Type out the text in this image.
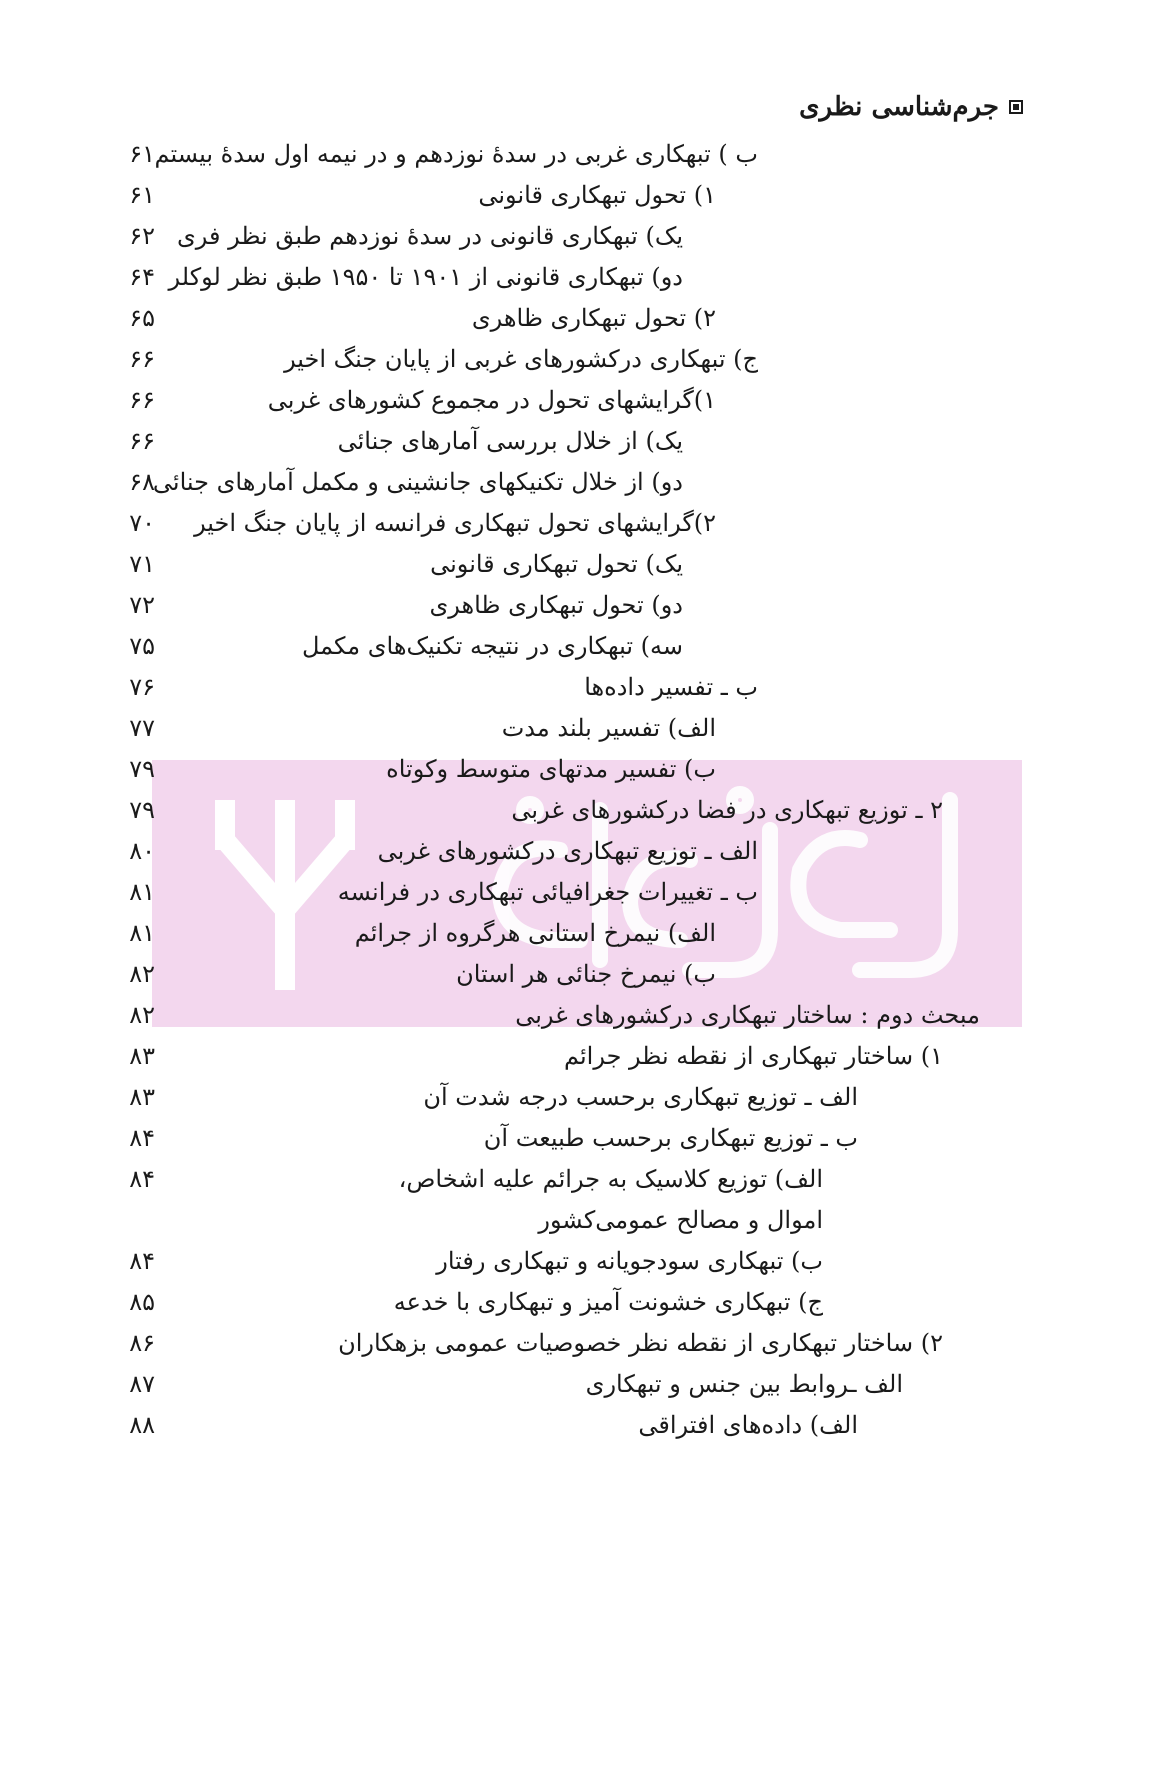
جرم‌شناسی نظری
ب ) تبهکاری غربی در سدهٔ نوزدهم و در نیمه اول سدهٔ بیستم
۶۱
۱) تحول تبهکاری قانونی
۶۱
یک) تبهکاری قانونی در سدهٔ نوزدهم طبق نظر فری
۶۲
دو) تبهکاری قانونی از ۱۹۰۱ تا ۱۹۵۰ طبق نظر لوکلر
۶۴
۲) تحول تبهکاری ظاهری
۶۵
ج) تبهکاری درکشورهای غربی از پایان جنگ اخیر
۶۶
۱)گرایشهای تحول در مجموع کشورهای غربی
۶۶
یک) از خلال بررسی آمارهای جنائی
۶۶
دو) از خلال تکنیکهای جانشینی و مکمل آمارهای جنائی
۶۸
۲)گرایشهای تحول تبهکاری فرانسه از پایان جنگ اخیر
۷۰
یک) تحول تبهکاری قانونی
۷۱
دو) تحول تبهکاری ظاهری
۷۲
سه) تبهکاری در نتیجه تکنیک‌های مکمل
۷۵
ب ـ تفسیر داده‌ها
۷۶
الف) تفسیر بلند مدت
۷۷
ب) تفسیر مدتهای متوسط وکوتاه
۷۹
۲ ـ توزیع تبهکاری در فضا درکشورهای غربی
۷۹
الف ـ توزیع تبهکاری درکشورهای غربی
۸۰
ب ـ تغییرات جغرافیائی تبهکاری در فرانسه
۸۱
الف) نیمرخ استانی هرگروه از جرائم
۸۱
ب) نیمرخ جنائی هر استان
۸۲
مبحث دوم : ساختار تبهکاری درکشورهای غربی
۸۲
۱) ساختار تبهکاری از نقطه نظر جرائم
۸۳
الف ـ توزیع تبهکاری برحسب درجه شدت آن
۸۳
ب ـ توزیع تبهکاری برحسب طبیعت آن
۸۴
الف) توزیع کلاسیک به جرائم علیه اشخاص،
۸۴
اموال و مصالح عمومی‌کشور
ب) تبهکاری سودجویانه و تبهکاری رفتار
۸۴
ج) تبهکاری خشونت آمیز و تبهکاری با خدعه
۸۵
۲) ساختار تبهکاری از نقطه نظر خصوصیات عمومی بزهکاران
۸۶
الف ـروابط بین جنس و تبهکاری
۸۷
الف) داده‌های افتراقی
۸۸
